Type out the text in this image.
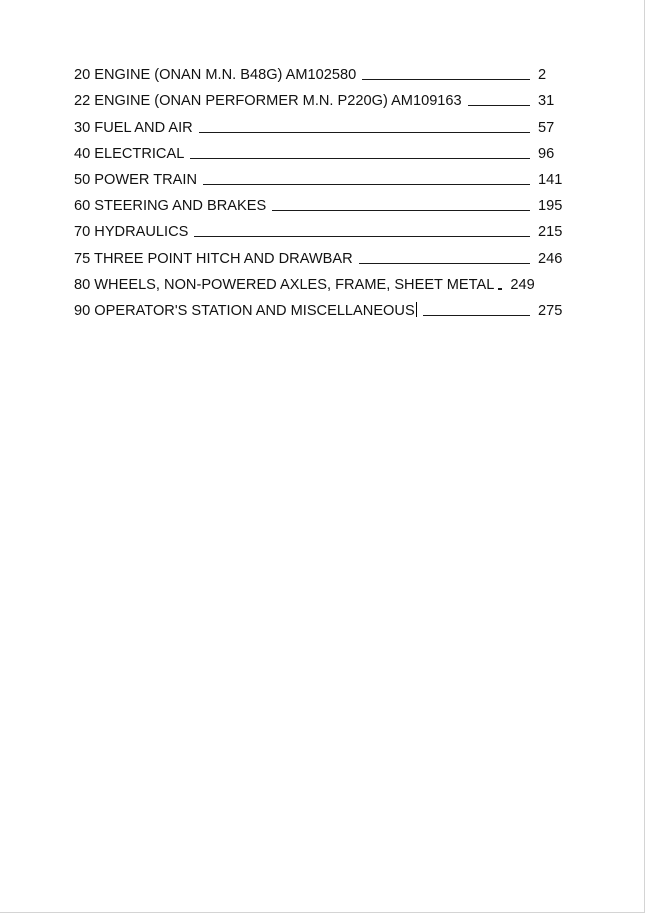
20 ENGINE (ONAN M.N. B48G) AM102580	2
22 ENGINE (ONAN PERFORMER M.N. P220G) AM109163	31
30 FUEL AND AIR	57
40 ELECTRICAL	96
50 POWER TRAIN	141
60 STEERING AND BRAKES	195
70 HYDRAULICS	215
75 THREE POINT HITCH AND DRAWBAR	246
80 WHEELS, NON-POWERED AXLES, FRAME, SHEET METAL	249
90 OPERATOR'S STATION AND MISCELLANEOUS	275
